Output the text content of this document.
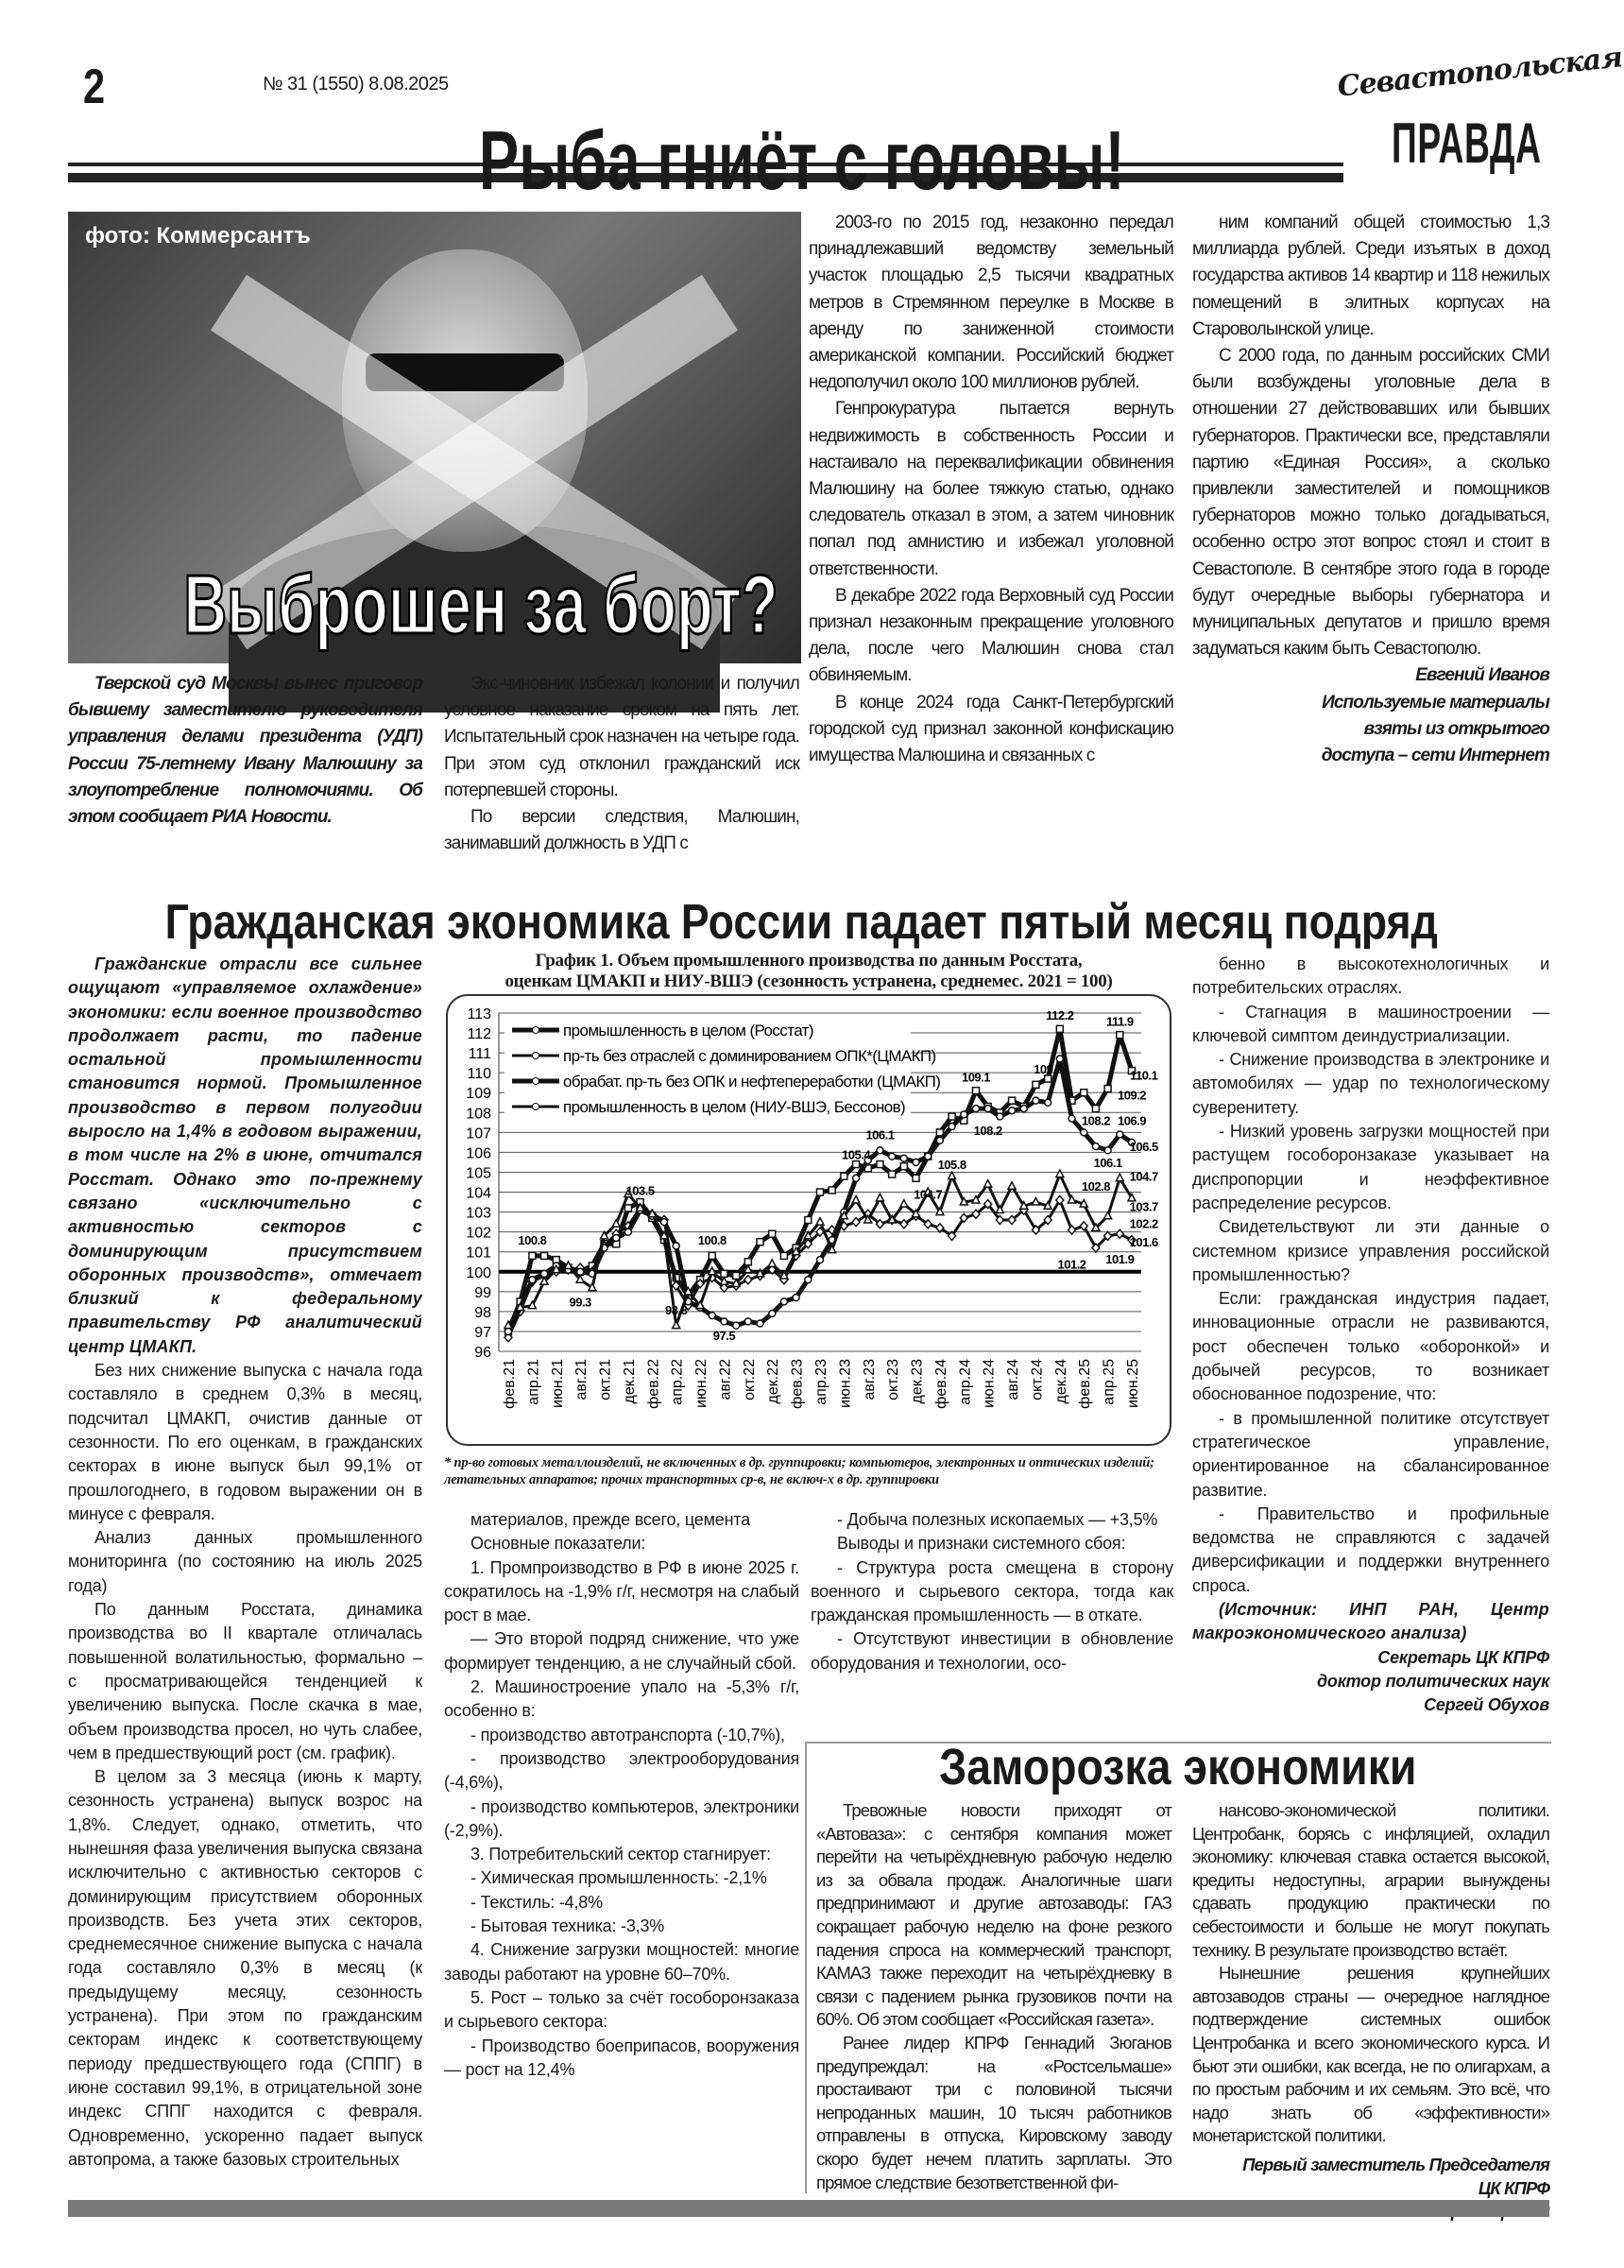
2	№ 31 (1550) 8.08.2025	Севастопольская
ПРАВДА
Рыба гниёт с головы!
фото: Коммерсантъ
Выброшен за борт?

Тверской суд Москвы вынес приговор бывшему заместителю руководителя управления делами президента (УДП) России 75-летнему Ивану Малюшину за злоупотребление полномочиями. Об этом сообщает РИА Новости.

Экс-чиновник избежал колонии и получил условное наказание сроком на пять лет. Испытательный срок назначен на четыре года. При этом суд отклонил гражданский иск потерпевшей стороны.

По версии следствия, Малюшин, занимавший должность в УДП с

2003-го по 2015 год, незаконно передал принадлежавший ведомству земельный участок площадью 2,5 тысячи квадратных метров в Стремянном переулке в Москве в аренду по заниженной стоимости американской компании. Российский бюджет недополучил около 100 миллионов рублей.

Генпрокуратура пытается вернуть недвижимость в собственность России и настаивало на переквалификации обвинения Малюшину на более тяжкую статью, однако следователь отказал в этом, а затем чиновник попал под амнистию и избежал уголовной ответственности.

В декабре 2022 года Верховный суд России признал незаконным прекращение уголовного дела, после чего Малюшин снова стал обвиняемым.

В конце 2024 года Санкт-Петербургский городской суд признал законной конфискацию имущества Малюшина и связанных с

ним компаний общей стоимостью 1,3 миллиарда рублей. Среди изъятых в доход государства активов 14 квартир и 118 нежилых помещений в элитных корпусах на Староволынской улице.

С 2000 года, по данным российских СМИ были возбуждены уголовные дела в отношении 27 действовавших или бывших губернаторов. Практически все, представляли партию «Единая Россия», а сколько привлекли заместителей и помощников губернаторов можно только догадываться, особенно остро этот вопрос стоял и стоит в Севастополе. В сентябре этого года в городе будут очередные выборы губернатора и муниципальных депутатов и пришло время задуматься каким быть Севастополю.

Евгений Иванов

Используемые материалы

взяты из открытого

доступа – сети Интернет

Гражданская экономика России падает пятый месяц подряд

Гражданские отрасли все сильнее ощущают «управляемое охлаждение» экономики: если военное производство продолжает расти, то падение остальной промышленности становится нормой. Промышленное производство в первом полугодии выросло на 1,4% в годовом выражении, в том числе на 2% в июне, отчитался Росстат. Однако это по-прежнему связано «исключительно с активностью секторов с доминирующим присутствием оборонных производств», отмечает близкий к федеральному правительству РФ аналитический центр ЦМАКП.

Без них снижение выпуска с начала года составляло в среднем 0,3% в месяц, подсчитал ЦМАКП, очистив данные от сезонности. По его оценкам, в гражданских секторах в июне выпуск был 99,1% от прошлогоднего, в годовом выражении он в минусе с февраля.

Анализ данных промышленного мониторинга (по состоянию на июль 2025 года)

По данным Росстата, динамика производства во II квартале отличалась повышенной волатильностью, формально – с просматривающейся тенденцией к увеличению выпуска. После скачка в мае, объем производства просел, но чуть слабее, чем в предшествующий рост (см. график).

В целом за 3 месяца (июнь к марту, сезонность устранена) выпуск возрос на 1,8%. Следует, однако, отметить, что нынешняя фаза увеличения выпуска связана исключительно с активностью секторов с доминирующим присутствием оборонных производств. Без учета этих секторов, среднемесячное снижение выпуска с начала года составляло 0,3% в месяц (к предыдущему месяцу, сезонность устранена). При этом по гражданским секторам индекс к соответствующему периоду предшествующего года (СППГ) в июне составил 99,1%, в отрицательной зоне индекс СППГ находится с февраля. Одновременно, ускоренно падает выпуск автопрома, а также базовых строительных

График 1. Объем промышленного производства по данным Росстата,
оценкам ЦМАКП и НИУ-ВШЭ (сезонность устранена, среднемес. 2021 = 100)
96
97
98
99
100
101
102
103
104
105
106
107
108
109
110
111
112
113
фев.21 апр.21 июн.21 авг.21 окт.21 дек.21 фев.22 апр.22 июн.22 авг.22 окт.22 дек.22 фев.23 апр.23 июн.23 авг.23 окт.23 дек.23 фев.24 апр.24 июн.24 авг.24 окт.24 дек.24 фев.25 апр.25 июн.25
промышленность в целом (Росстат)
пр-ть без отраслей с доминированием ОПК*(ЦМАКП)
обрабат. пр-ть без ОПК и нефтепереработки (ЦМАКП)
промышленность в целом (НИУ-ВШЭ, Бессонов)
100.8
99.3
103.5
98.8
100.8
97.5
105.4
106.1
104.7
105.8
109.1
108.2
109.7
112.2	111.9
110.1
109.2
108.2 106.9
106.5
106.1
104.7
102.8
103.7
102.2
101.6
101.9
101.2
* пр-во готовых металлоизделий, не включенных в др. группировки; компьютеров, электронных и оптических изделий; летательных аппаратов; прочих транспортных ср-в, не включ-х в др. группировки

материалов, прежде всего, цемента

Основные показатели:

1. Промпроизводство в РФ в июне 2025 г. сократилось на -1,9% г/г, несмотря на слабый рост в мае.

— Это второй подряд снижение, что уже формирует тенденцию, а не случайный сбой.

2. Машиностроение упало на -5,3% г/г, особенно в:

- производство автотранспорта (-10,7%),

- производство электрооборудования (-4,6%),

- производство компьютеров, электроники (-2,9%).

3. Потребительский сектор стагнирует:

- Химическая промышленность: -2,1%

- Текстиль: -4,8%

- Бытовая техника: -3,3%

4. Снижение загрузки мощностей: многие заводы работают на уровне 60–70%.

5. Рост – только за счёт гособоронзаказа и сырьевого сектора:

- Производство боеприпасов, вооружения — рост на 12,4%

- Добыча полезных ископаемых — +3,5%

Выводы и признаки системного сбоя:

- Структура роста смещена в сторону военного и сырьевого сектора, тогда как гражданская промышленность — в откате.

- Отсутствуют инвестиции в обновление оборудования и технологии, осо-

бенно в высокотехнологичных и потребительских отраслях.

- Стагнация в машиностроении — ключевой симптом деиндустриализации.

- Снижение производства в электронике и автомобилях — удар по технологическому суверенитету.

- Низкий уровень загрузки мощностей при растущем гособоронзаказе указывает на диспропорции и неэффективное распределение ресурсов.

Свидетельствуют ли эти данные о системном кризисе управления российской промышленностью?

Если: гражданская индустрия падает, инновационные отрасли не развиваются, рост обеспечен только «оборонкой» и добычей ресурсов, то возникает обоснованное подозрение, что:

- в промышленной политике отсутствует стратегическое управление, ориентированное на сбалансированное развитие.

- Правительство и профильные ведомства не справляются с задачей диверсификации и поддержки внутреннего спроса.

(Источник: ИНП РАН, Центр макроэкономического анализа)

Секретарь ЦК КПРФ

доктор политических наук

Сергей Обухов

Заморозка экономики

Тревожные новости приходят от «Автоваза»: с сентября компания может перейти на четырёхдневную рабочую неделю из за обвала продаж. Аналогичные шаги предпринимают и другие автозаводы: ГАЗ сокращает рабочую неделю на фоне резкого падения спроса на коммерческий транспорт, КАМАЗ также переходит на четырёхдневку в связи с падением рынка грузовиков почти на 60%. Об этом сообщает «Российская газета».

Ранее лидер КПРФ Геннадий Зюганов предупреждал: на «Ростсельмаше» простаивают три с половиной тысячи непроданных машин, 10 тысяч работников отправлены в отпуска, Кировскому заводу скоро будет нечем платить зарплаты. Это прямое следствие безответственной фи-

нансово-экономической политики. Центробанк, борясь с инфляцией, охладил экономику: ключевая ставка остается высокой, кредиты недоступны, аграрии вынуждены сдавать продукцию практически по себестоимости и больше не могут покупать технику. В результате производство встаёт.

Нынешние решения крупнейших автозаводов страны — очередное наглядное подтверждение системных ошибок Центробанка и всего экономического курса. И бьют эти ошибки, как всегда, не по олигархам, а по простым рабочим и их семьям. Это всё, что надо знать об «эффективности» монетаристской политики.

Первый заместитель Председателя

ЦК КПРФ
